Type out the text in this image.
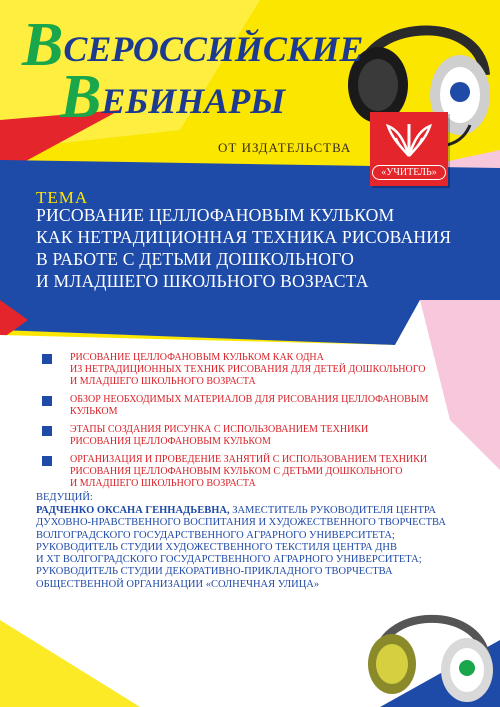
ВСЕРОССИЙСКИЕ
ВЕБИНАРЫ
ОТ ИЗДАТЕЛЬСТВА
«УЧИТЕЛЬ»
ТЕМА
РИСОВАНИЕ ЦЕЛЛОФАНОВЫМ КУЛЬКОМ
КАК НЕТРАДИЦИОННАЯ ТЕХНИКА РИСОВАНИЯ
В РАБОТЕ С ДЕТЬМИ ДОШКОЛЬНОГО
И МЛАДШЕГО ШКОЛЬНОГО ВОЗРАСТА
РИСОВАНИЕ ЦЕЛЛОФАНОВЫМ КУЛЬКОМ КАК ОДНА
ИЗ НЕТРАДИЦИОННЫХ ТЕХНИК РИСОВАНИЯ ДЛЯ ДЕТЕЙ ДОШКОЛЬНОГО
И МЛАДШЕГО ШКОЛЬНОГО ВОЗРАСТА
ОБЗОР НЕОБХОДИМЫХ МАТЕРИАЛОВ ДЛЯ РИСОВАНИЯ ЦЕЛЛОФАНОВЫМ
КУЛЬКОМ
ЭТАПЫ СОЗДАНИЯ РИСУНКА С ИСПОЛЬЗОВАНИЕМ ТЕХНИКИ
РИСОВАНИЯ ЦЕЛЛОФАНОВЫМ КУЛЬКОМ
ОРГАНИЗАЦИЯ И ПРОВЕДЕНИЕ ЗАНЯТИЙ С ИСПОЛЬЗОВАНИЕМ ТЕХНИКИ
РИСОВАНИЯ ЦЕЛЛОФАНОВЫМ КУЛЬКОМ С ДЕТЬМИ ДОШКОЛЬНОГО
И МЛАДШЕГО ШКОЛЬНОГО ВОЗРАСТА
ВЕДУЩИЙ:
РАДЧЕНКО ОКСАНА ГЕННАДЬЕВНА, ЗАМЕСТИТЕЛЬ РУКОВОДИТЕЛЯ ЦЕНТРА
ДУХОВНО-НРАВСТВЕННОГО ВОСПИТАНИЯ И ХУДОЖЕСТВЕННОГО ТВОРЧЕСТВА
ВОЛГОГРАДСКОГО ГОСУДАРСТВЕННОГО АГРАРНОГО УНИВЕРСИТЕТА;
РУКОВОДИТЕЛЬ СТУДИИ ХУДОЖЕСТВЕННОГО ТЕКСТИЛЯ ЦЕНТРА ДНВ
И ХТ ВОЛГОГРАДСКОГО ГОСУДАРСТВЕННОГО АГРАРНОГО УНИВЕРСИТЕТА;
РУКОВОДИТЕЛЬ СТУДИИ ДЕКОРАТИВНО-ПРИКЛАДНОГО ТВОРЧЕСТВА
ОБЩЕСТВЕННОЙ ОРГАНИЗАЦИИ «СОЛНЕЧНАЯ УЛИЦА»
